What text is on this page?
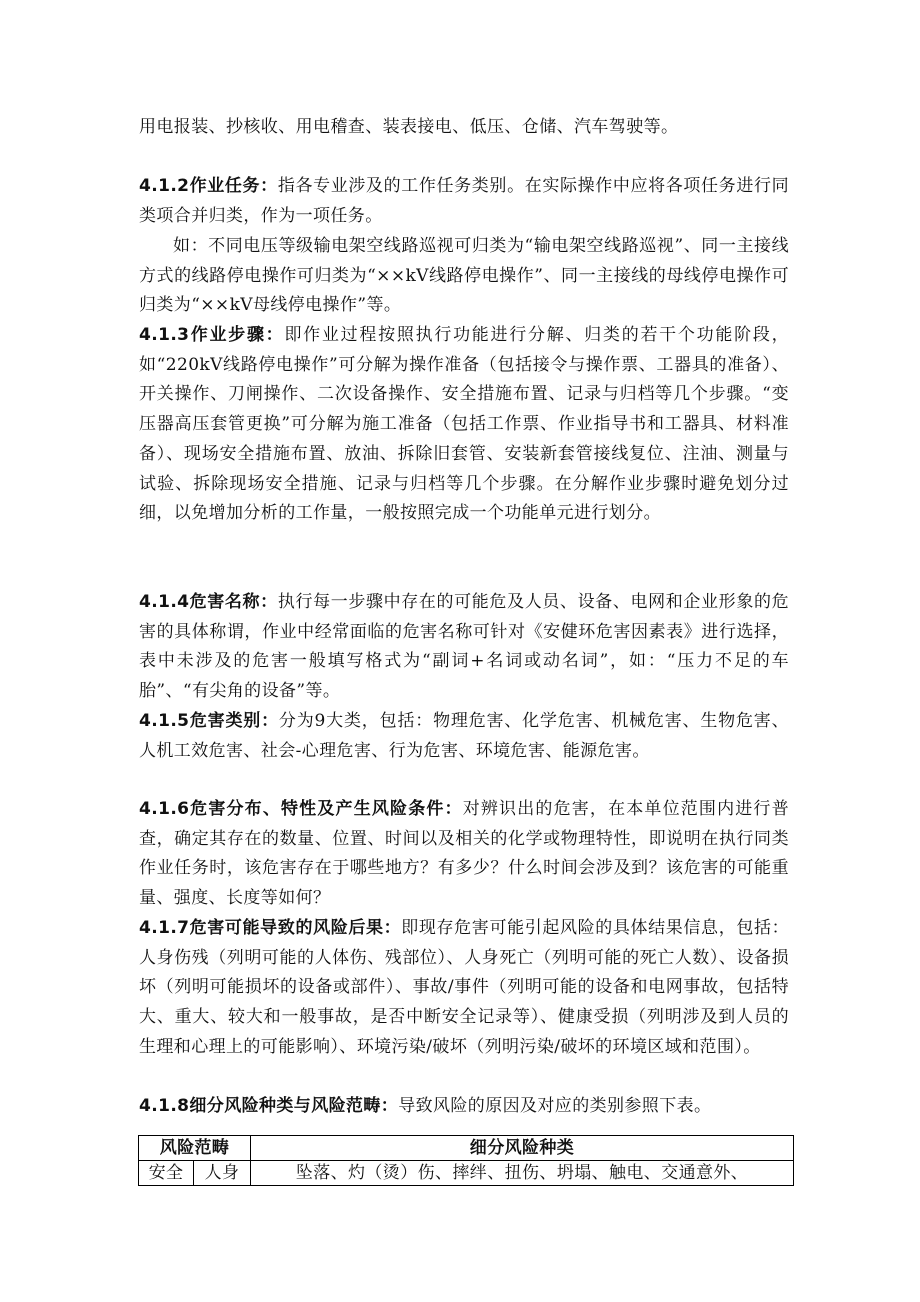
用电报装、抄核收、用电稽查、装表接电、低压、仓储、汽车驾驶等。

4.1.2作业任务：指各专业涉及的工作任务类别。在实际操作中应将各项任务进行同类项合并归类，作为一项任务。

如：不同电压等级输电架空线路巡视可归类为“输电架空线路巡视”、同一主接线方式的线路停电操作可归类为“××kV线路停电操作”、同一主接线的母线停电操作可归类为“××kV母线停电操作”等。

4.1.3作业步骤：即作业过程按照执行功能进行分解、归类的若干个功能阶段，如“220kV线路停电操作”可分解为操作准备（包括接令与操作票、工器具的准备）、开关操作、刀闸操作、二次设备操作、安全措施布置、记录与归档等几个步骤。“变压器高压套管更换”可分解为施工准备（包括工作票、作业指导书和工器具、材料准备）、现场安全措施布置、放油、拆除旧套管、安装新套管接线复位、注油、测量与试验、拆除现场安全措施、记录与归档等几个步骤。在分解作业步骤时避免划分过细，以免增加分析的工作量，一般按照完成一个功能单元进行划分。

4.1.4危害名称：执行每一步骤中存在的可能危及人员、设备、电网和企业形象的危害的具体称谓，作业中经常面临的危害名称可针对《安健环危害因素表》进行选择，表中未涉及的危害一般填写格式为“副词+名词或动名词”，如：“压力不足的车胎”、“有尖角的设备”等。

4.1.5危害类别：分为9大类，包括：物理危害、化学危害、机械危害、生物危害、人机工效危害、社会-心理危害、行为危害、环境危害、能源危害。

4.1.6危害分布、特性及产生风险条件：对辨识出的危害，在本单位范围内进行普查，确定其存在的数量、位置、时间以及相关的化学或物理特性，即说明在执行同类作业任务时，该危害存在于哪些地方？有多少？什么时间会涉及到？该危害的可能重量、强度、长度等如何？

4.1.7危害可能导致的风险后果：即现存危害可能引起风险的具体结果信息，包括：人身伤残（列明可能的人体伤、残部位）、人身死亡（列明可能的死亡人数）、设备损坏（列明可能损坏的设备或部件）、事故/事件（列明可能的设备和电网事故，包括特大、重大、较大和一般事故，是否中断安全记录等）、健康受损（列明涉及到人员的生理和心理上的可能影响）、环境污染/破坏（列明污染/破坏的环境区域和范围）。

4.1.8细分风险种类与风险范畴：导致风险的原因及对应的类别参照下表。

风险范畴		细分风险种类
安全	人身	坠落、灼（烫）伤、摔绊、扭伤、坍塌、触电、交通意外、
